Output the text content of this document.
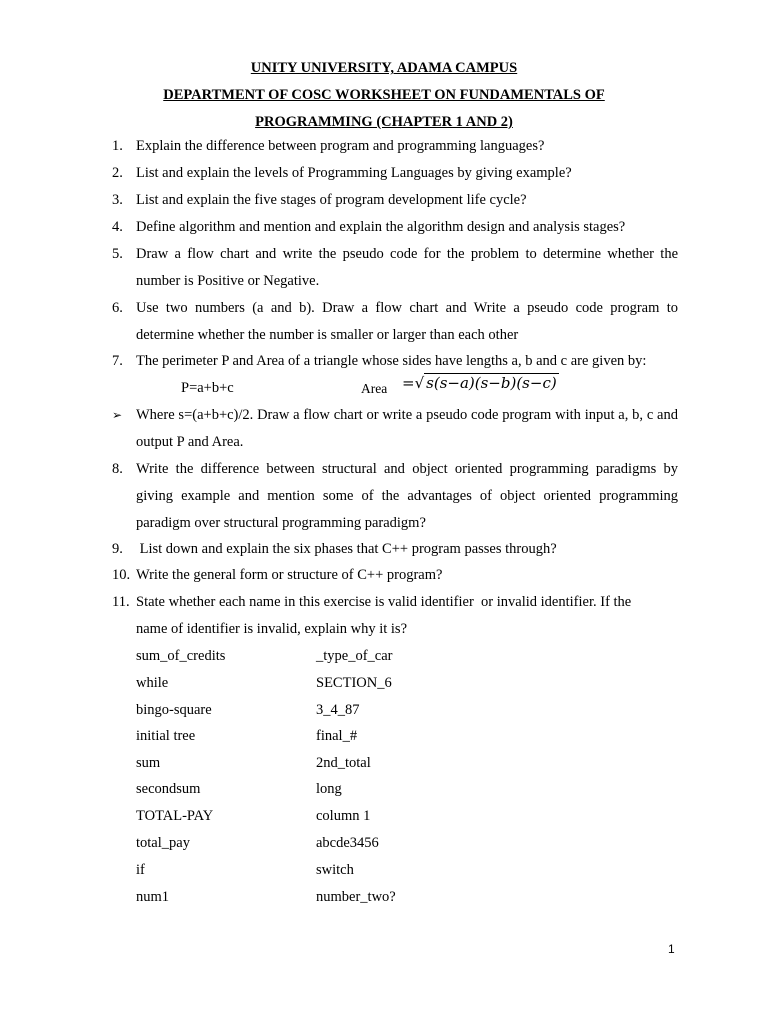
UNITY UNIVERSITY, ADAMA CAMPUS
DEPARTMENT OF COSC WORKSHEET ON FUNDAMENTALS OF
PROGRAMMING (CHAPTER 1 AND 2)
1. Explain the difference between program and programming languages?
2. List and explain the levels of Programming Languages by giving example?
3. List and explain the five stages of program development life cycle?
4. Define algorithm and mention and explain the algorithm design and analysis stages?
5. Draw a flow chart and write the pseudo code for the problem to determine whether the number is Positive or Negative.
6. Use two numbers (a and b). Draw a flow chart and Write a pseudo code program to determine whether the number is smaller or larger than each other
7. The perimeter P and Area of a triangle whose sides have lengths a, b and c are given by:
P=a+b+c	Area =√ s(s−a)(s−b)(s−c)
➢ Where s=(a+b+c)/2. Draw a flow chart or write a pseudo code program with input a, b, c and output P and Area.
8. Write the difference between structural and object oriented programming paradigms by giving example and mention some of the advantages of object oriented programming paradigm over structural programming paradigm?
9. List down and explain the six phases that C++ program passes through?
10. Write the general form or structure of C++ program?
11. State whether each name in this exercise is valid identifier  or invalid identifier. If the name of identifier is invalid, explain why it is?
sum_of_credits
while
bingo-square
initial tree
sum
secondsum
TOTAL-PAY
total_pay
if
num1
_type_of_car
SECTION_6
3_4_87
final_#
2nd_total
long
column 1
abcde3456
switch
number_two?
1
